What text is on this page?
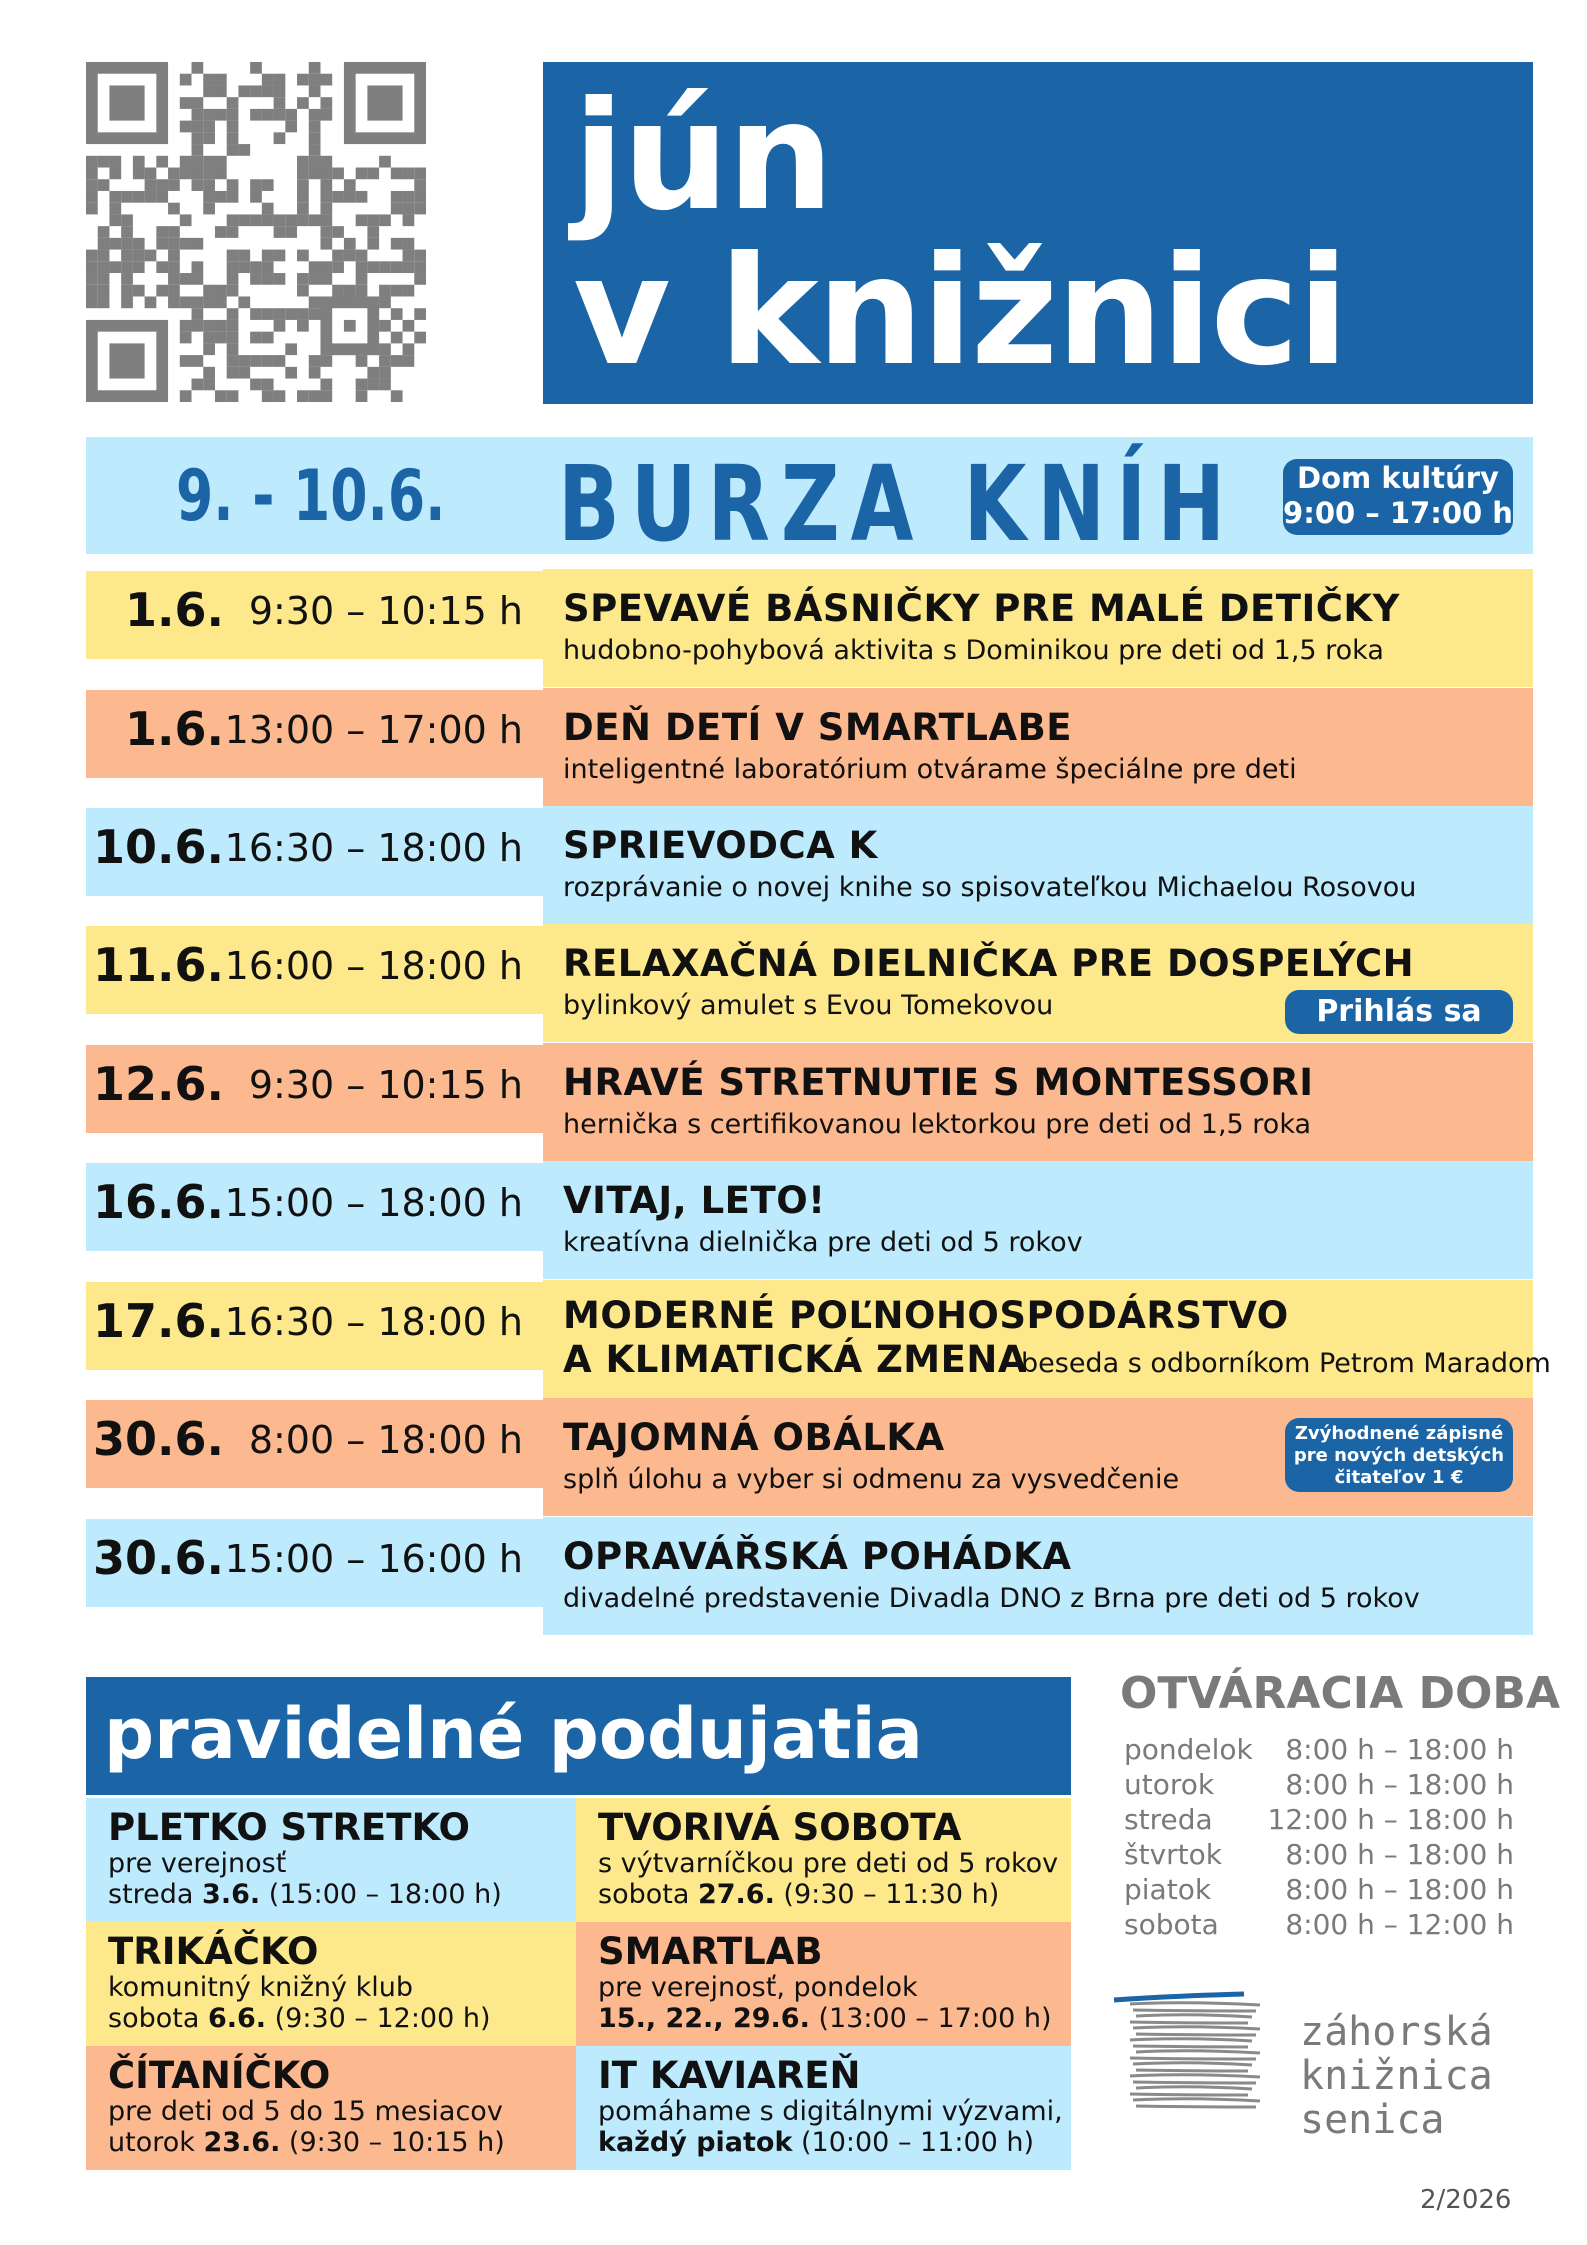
jún
v knižnici
9. - 10.6. BURZA KNÍH	Dom kultúry
9:00 – 17:00 h
1.6. 9:30 – 10:15 h SPEVAVÉ BÁSNIČKY PRE MALÉ DETIČKY
hudobno-pohybová aktivita s Dominikou pre deti od 1,5 roka
1.6. 13:00 – 17:00 h DEŇ DETÍ V SMARTLABE
inteligentné laboratórium otvárame špeciálne pre deti
10.6. 16:30 – 18:00 h SPRIEVODCA K
rozprávanie o novej knihe so spisovateľkou Michaelou Rosovou
11.6. 16:00 – 18:00 h RELAXAČNÁ DIELNIČKA PRE DOSPELÝCH
bylinkový amulet s Evou Tomekovou	Prihlás sa
12.6. 9:30 – 10:15 h HRAVÉ STRETNUTIE S MONTESSORI
hernička s certifikovanou lektorkou pre deti od 1,5 roka
16.6. 15:00 – 18:00 h VITAJ, LETO!
kreatívna dielnička pre deti od 5 rokov
17.6. 16:30 – 18:00 h MODERNÉ POĽNOHOSPODÁRSTVO
A KLIMATICKÁ ZMENA
beseda s odborníkom Petrom Maradom
30.6. 8:00 – 18:00 h TAJOMNÁ OBÁLKA
splň úlohu a vyber si odmenu za vysvedčenie
Zvýhodnené zápisné
pre nových detských
čitateľov 1 €
30.6. 15:00 – 16:00 h OPRAVÁŘSKÁ POHÁDKA
divadelné predstavenie Divadla DNO z Brna pre deti od 5 rokov
pravidelné podujatia
PLETKO STRETKO
pre verejnosť
streda 3.6. (15:00 – 18:00 h)
TVORIVÁ SOBOTA
s výtvarníčkou pre deti od 5 rokov
sobota 27.6. (9:30 – 11:30 h)
TRIKÁČKO
komunitný knižný klub
sobota 6.6. (9:30 – 12:00 h)
SMARTLAB
pre verejnosť, pondelok
15., 22., 29.6. (13:00 – 17:00 h)
ČÍTANÍČKO
pre deti od 5 do 15 mesiacov
utorok 23.6. (9:30 – 10:15 h)
IT KAVIAREŇ
pomáhame s digitálnymi výzvami,
každý piatok (10:00 – 11:00 h)
OTVÁRACIA DOBA
pondelok 8:00 h – 18:00 h
utorok	8:00 h – 18:00 h
streda 12:00 h – 18:00 h
štvrtok 8:00 h – 18:00 h
piatok	8:00 h – 18:00 h
sobota 8:00 h – 12:00 h
záhorská
knižnica
senica
2/2026
